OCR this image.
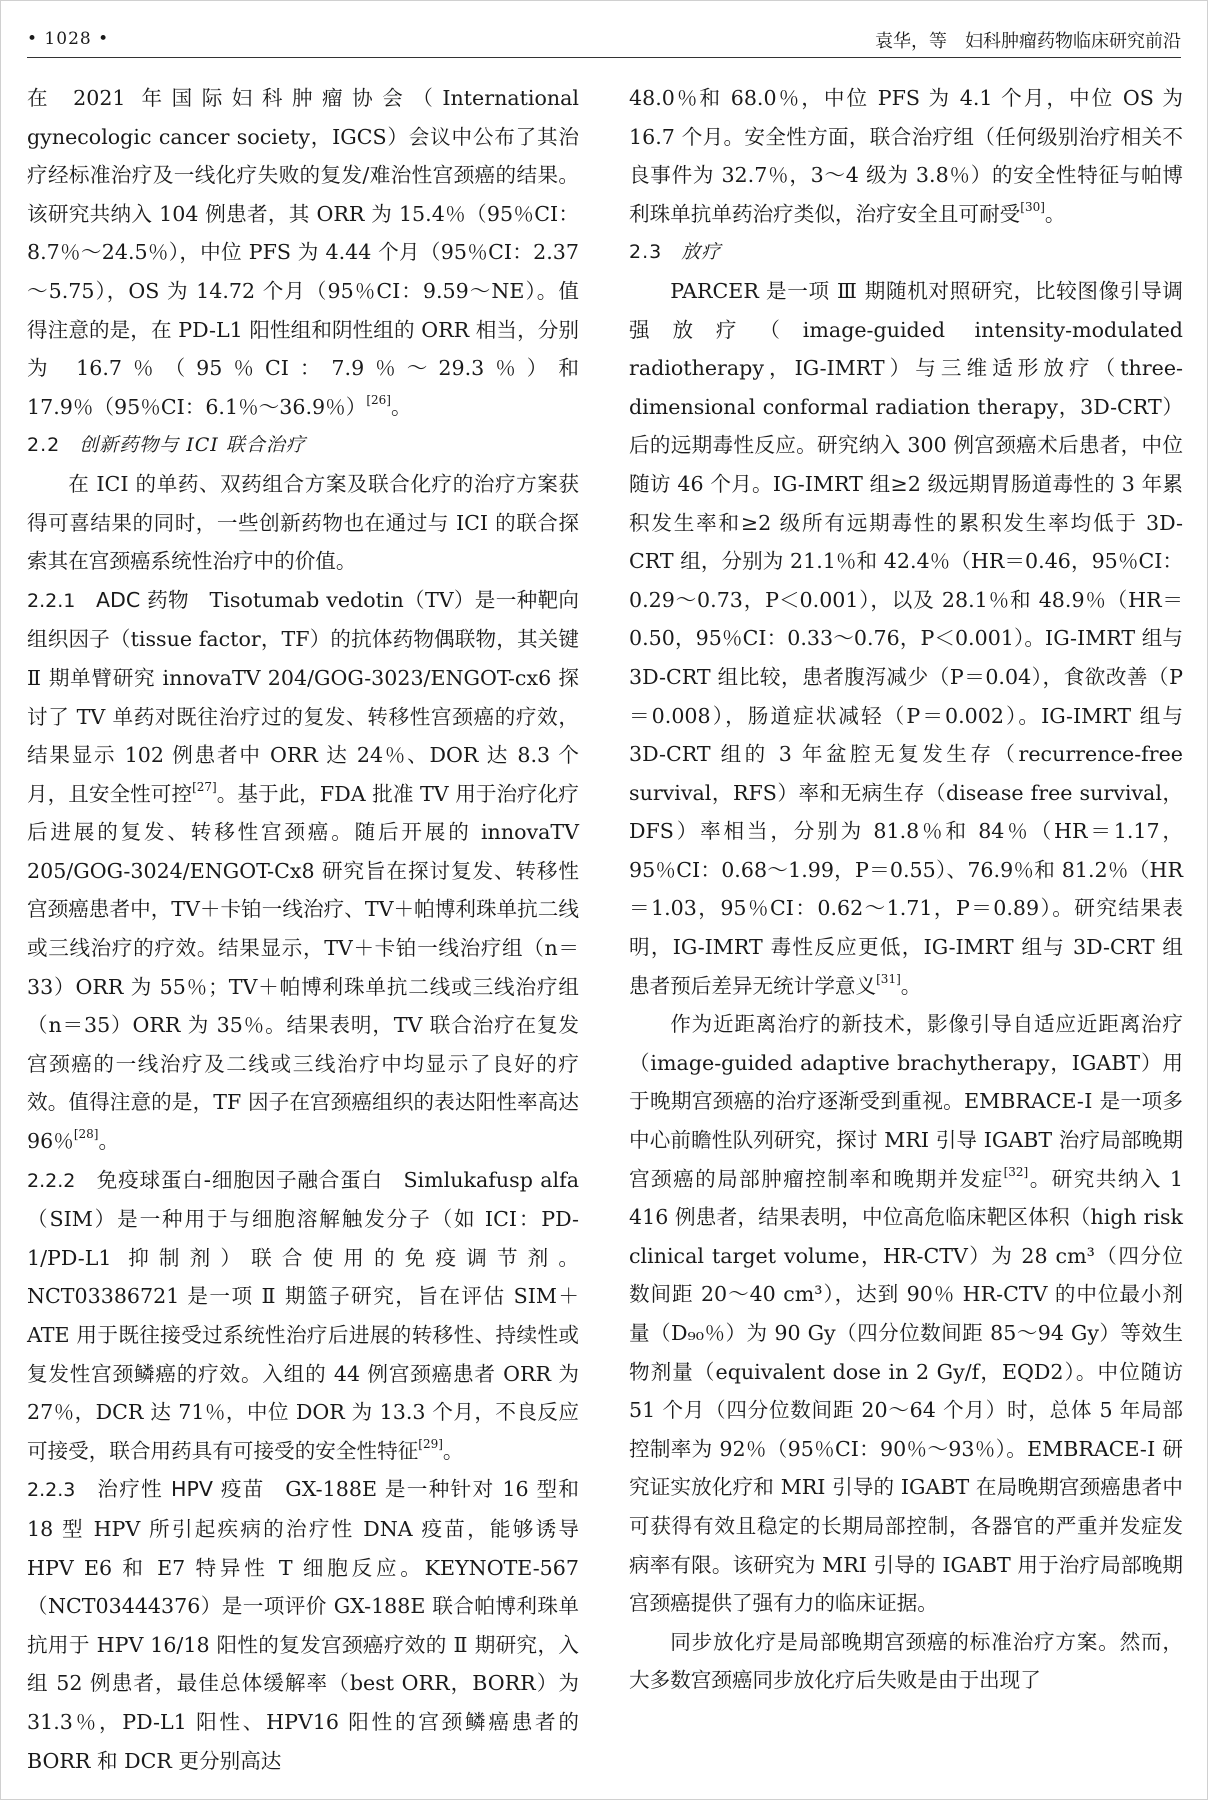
• 1028 •	袁华，等　妇科肿瘤药物临床研究前沿

在 2021 年国际妇科肿瘤协会（International gynecologic cancer society，IGCS）会议中公布了其治疗经标准治疗及一线化疗失败的复发/难治性宫颈癌的结果。该研究共纳入 104 例患者，其 ORR 为 15.4％（95％CI：8.7％～24.5％），中位 PFS 为 4.44 个月（95％CI：2.37～5.75），OS 为 14.72 个月（95％CI：9.59～NE）。值得注意的是，在 PD-L1 阳性组和阴性组的 ORR 相当，分别为 16.7％（95％CI：7.9％～29.3％）和 17.9％（95％CI：6.1％～36.9％）[26]。

2.2 创新药物与 ICI 联合治疗

在 ICI 的单药、双药组合方案及联合化疗的治疗方案获得可喜结果的同时，一些创新药物也在通过与 ICI 的联合探索其在宫颈癌系统性治疗中的价值。

2.2.1 ADC 药物 Tisotumab vedotin（TV）是一种靶向组织因子（tissue factor，TF）的抗体药物偶联物，其关键 Ⅱ 期单臂研究 innovaTV 204/GOG-3023/ENGOT-cx6 探讨了 TV 单药对既往治疗过的复发、转移性宫颈癌的疗效，结果显示 102 例患者中 ORR 达 24％、DOR 达 8.3 个月，且安全性可控[27]。基于此，FDA 批准 TV 用于治疗化疗后进展的复发、转移性宫颈癌。随后开展的 innovaTV 205/GOG-3024/ENGOT-Cx8 研究旨在探讨复发、转移性宫颈癌患者中，TV＋卡铂一线治疗、TV＋帕博利珠单抗二线或三线治疗的疗效。结果显示，TV＋卡铂一线治疗组（n＝33）ORR 为 55％；TV＋帕博利珠单抗二线或三线治疗组（n＝35）ORR 为 35％。结果表明，TV 联合治疗在复发宫颈癌的一线治疗及二线或三线治疗中均显示了良好的疗效。值得注意的是，TF 因子在宫颈癌组织的表达阳性率高达 96％[28]。

2.2.2 免疫球蛋白-细胞因子融合蛋白 Simlukafusp alfa（SIM）是一种用于与细胞溶解触发分子（如 ICI：PD-1/PD-L1 抑制剂）联合使用的免疫调节剂。NCT03386721 是一项 Ⅱ 期篮子研究，旨在评估 SIM＋ATE 用于既往接受过系统性治疗后进展的转移性、持续性或复发性宫颈鳞癌的疗效。入组的 44 例宫颈癌患者 ORR 为 27％，DCR 达 71％，中位 DOR 为 13.3 个月，不良反应可接受，联合用药具有可接受的安全性特征[29]。

2.2.3 治疗性 HPV 疫苗 GX-188E 是一种针对 16 型和 18 型 HPV 所引起疾病的治疗性 DNA 疫苗，能够诱导 HPV E6 和 E7 特异性 T 细胞反应。KEYNOTE-567（NCT03444376）是一项评价 GX-188E 联合帕博利珠单抗用于 HPV 16/18 阳性的复发宫颈癌疗效的 Ⅱ 期研究，入组 52 例患者，最佳总体缓解率（best ORR，BORR）为 31.3％，PD-L1 阳性、HPV16 阳性的宫颈鳞癌患者的 BORR 和 DCR 更分别高达

48.0％和 68.0％，中位 PFS 为 4.1 个月，中位 OS 为 16.7 个月。安全性方面，联合治疗组（任何级别治疗相关不良事件为 32.7％，3～4 级为 3.8％）的安全性特征与帕博利珠单抗单药治疗类似，治疗安全且可耐受[30]。

2.3 放疗

PARCER 是一项 Ⅲ 期随机对照研究，比较图像引导调强放疗（image-guided intensity-modulated radiotherapy，IG-IMRT）与三维适形放疗（three-dimensional conformal radiation therapy，3D-CRT）后的远期毒性反应。研究纳入 300 例宫颈癌术后患者，中位随访 46 个月。IG-IMRT 组≥2 级远期胃肠道毒性的 3 年累积发生率和≥2 级所有远期毒性的累积发生率均低于 3D-CRT 组，分别为 21.1％和 42.4％（HR＝0.46，95％CI：0.29～0.73，P＜0.001），以及 28.1％和 48.9％（HR＝0.50，95％CI：0.33～0.76，P＜0.001）。IG-IMRT 组与 3D-CRT 组比较，患者腹泻减少（P＝0.04），食欲改善（P＝0.008），肠道症状减轻（P＝0.002）。IG-IMRT 组与 3D-CRT 组的 3 年盆腔无复发生存（recurrence-free survival，RFS）率和无病生存（disease free survival，DFS）率相当，分别为 81.8％和 84％（HR＝1.17，95％CI：0.68～1.99，P＝0.55）、76.9％和 81.2％（HR＝1.03，95％CI：0.62～1.71，P＝0.89）。研究结果表明，IG-IMRT 毒性反应更低，IG-IMRT 组与 3D-CRT 组患者预后差异无统计学意义[31]。

作为近距离治疗的新技术，影像引导自适应近距离治疗（image-guided adaptive brachytherapy，IGABT）用于晚期宫颈癌的治疗逐渐受到重视。EMBRACE-Ⅰ 是一项多中心前瞻性队列研究，探讨 MRI 引导 IGABT 治疗局部晚期宫颈癌的局部肿瘤控制率和晚期并发症[32]。研究共纳入 1 416 例患者，结果表明，中位高危临床靶区体积（high risk clinical target volume，HR-CTV）为 28 cm³（四分位数间距 20～40 cm³），达到 90％ HR-CTV 的中位最小剂量（D₉₀％）为 90 Gy（四分位数间距 85～94 Gy）等效生物剂量（equivalent dose in 2 Gy/f，EQD2）。中位随访 51 个月（四分位数间距 20～64 个月）时，总体 5 年局部控制率为 92％（95％CI：90％～93％）。EMBRACE-Ⅰ 研究证实放化疗和 MRI 引导的 IGABT 在局晚期宫颈癌患者中可获得有效且稳定的长期局部控制，各器官的严重并发症发病率有限。该研究为 MRI 引导的 IGABT 用于治疗局部晚期宫颈癌提供了强有力的临床证据。

同步放化疗是局部晚期宫颈癌的标准治疗方案。然而，大多数宫颈癌同步放化疗后失败是由于出现了
